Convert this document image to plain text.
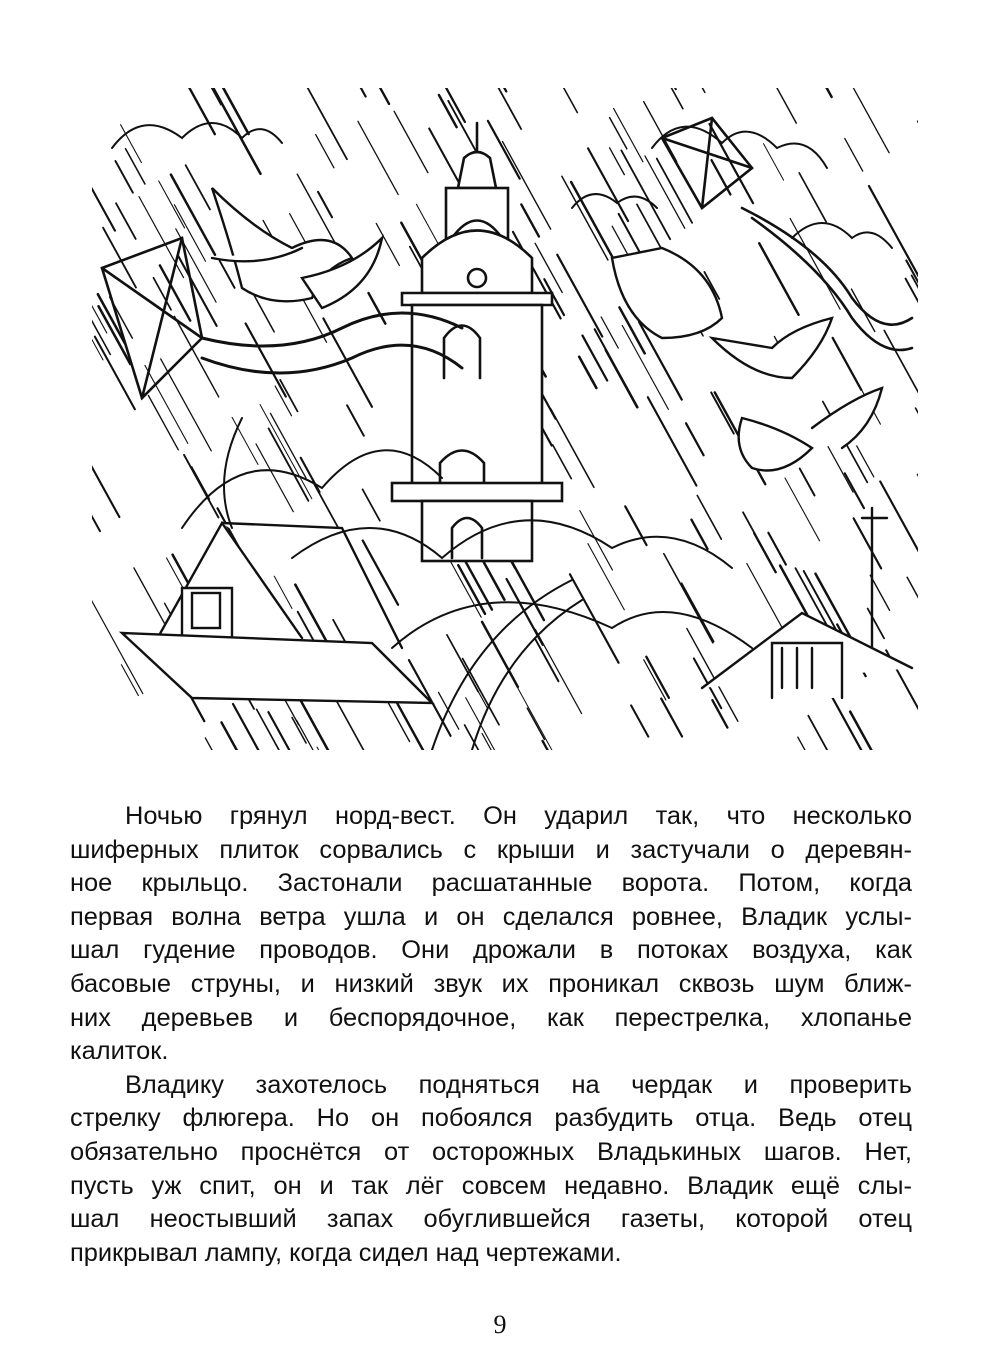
Ночью грянул норд-вест. Он ударил так, что несколько
шиферных плиток сорвались с крыши и застучали о деревян-
ное крыльцо. Застонали расшатанные ворота. Потом, когда
первая волна ветра ушла и он сделался ровнее, Владик услы-
шал гудение проводов. Они дрожали в потоках воздуха, как
басовые струны, и низкий звук их проникал сквозь шум ближ-
них деревьев и беспорядочное, как перестрелка, хлопанье
калиток.

Владику захотелось подняться на чердак и проверить
стрелку флюгера. Но он побоялся разбудить отца. Ведь отец
обязательно проснётся от осторожных Владькиных шагов. Нет,
пусть уж спит, он и так лёг совсем недавно. Владик ещё слы-
шал неостывший запах обуглившейся газеты, которой отец
прикрывал лампу, когда сидел над чертежами.

9
